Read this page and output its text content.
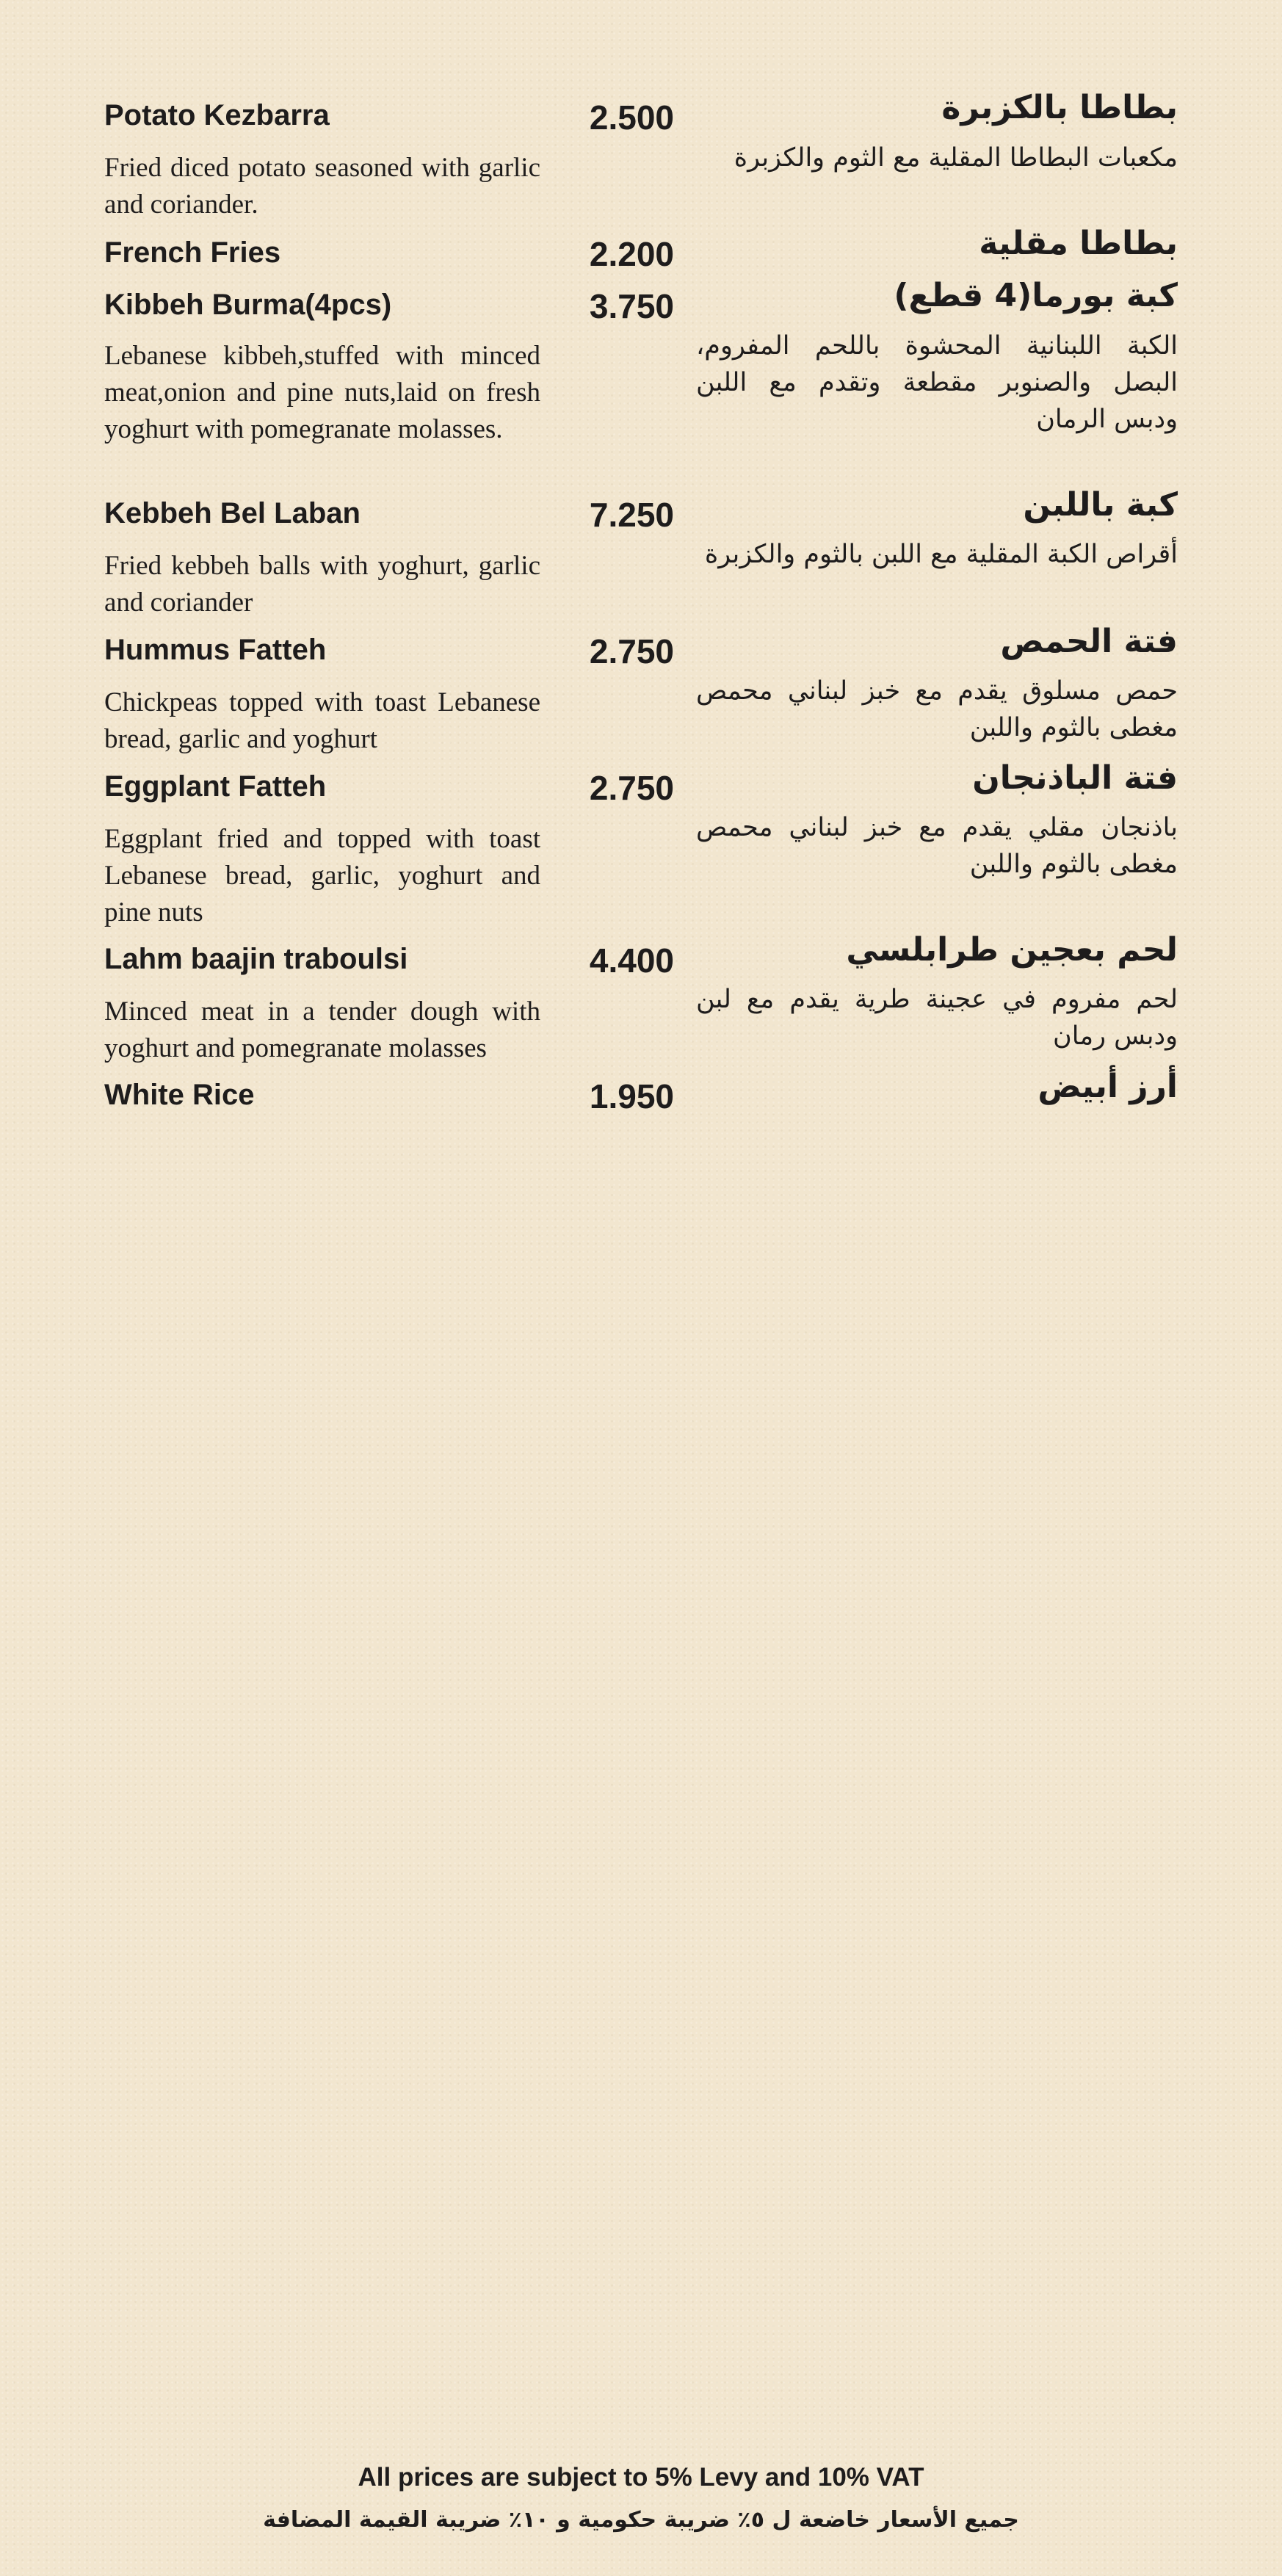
Potato Kezbarra	2.500
Fried diced potato seasoned with garlic and coriander.
بطاطا بالكزبرة
مكعبات البطاطا المقلية مع الثوم والكزبرة
French Fries	2.200	بطاطا مقلية
Kibbeh Burma(4pcs)	3.750
Lebanese kibbeh,stuffed with minced meat,onion and pine nuts,laid on fresh yoghurt with pomegranate molasses.
كبة بورما(4 قطع)
الكبة اللبنانية المحشوة باللحم المفروم، البصل والصنوبر مقطعة وتقدم مع اللبن ودبس الرمان
Kebbeh Bel Laban	7.250
Fried kebbeh balls with yoghurt, garlic and coriander
كبة باللبن
أقراص الكبة المقلية مع اللبن بالثوم والكزبرة
Hummus Fatteh	2.750
Chickpeas topped with toast Lebanese bread, garlic and yoghurt
فتة الحمص
حمص مسلوق يقدم مع خبز لبناني محمص مغطى بالثوم واللبن
Eggplant Fatteh	2.750
Eggplant fried and topped with toast Lebanese bread, garlic, yoghurt and pine nuts
فتة الباذنجان
باذنجان مقلي يقدم مع خبز لبناني محمص مغطى بالثوم واللبن
Lahm baajin traboulsi	4.400
Minced meat in a tender dough with yoghurt and pomegranate molasses
لحم بعجين طرابلسي
لحم مفروم في عجينة طرية يقدم مع لبن ودبس رمان
White Rice	1.950	أرز أبيض
All prices are subject to 5% Levy and 10% VAT
جميع الأسعار خاضعة ل ٥٪ ضريبة حكومية و ١٠٪ ضريبة القيمة المضافة
